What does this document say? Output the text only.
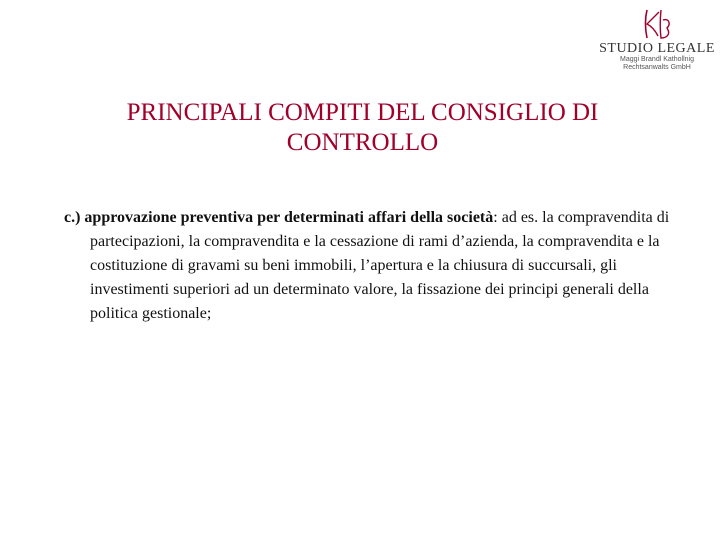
STUDIO LEGALE
Maggi Brandl Kathollnig
Rechtsanwalts GmbH
PRINCIPALI COMPITI DEL CONSIGLIO DI
CONTROLLO

c.) approvazione preventiva per determinati affari della società: ad es. la compravendita di partecipazioni, la compravendita e la cessazione di rami d’azienda, la compravendita e la costituzione di gravami su beni immobili, l’apertura e la chiusura di succursali, gli investimenti superiori ad un determinato valore, la fissazione dei principi generali della politica gestionale;
